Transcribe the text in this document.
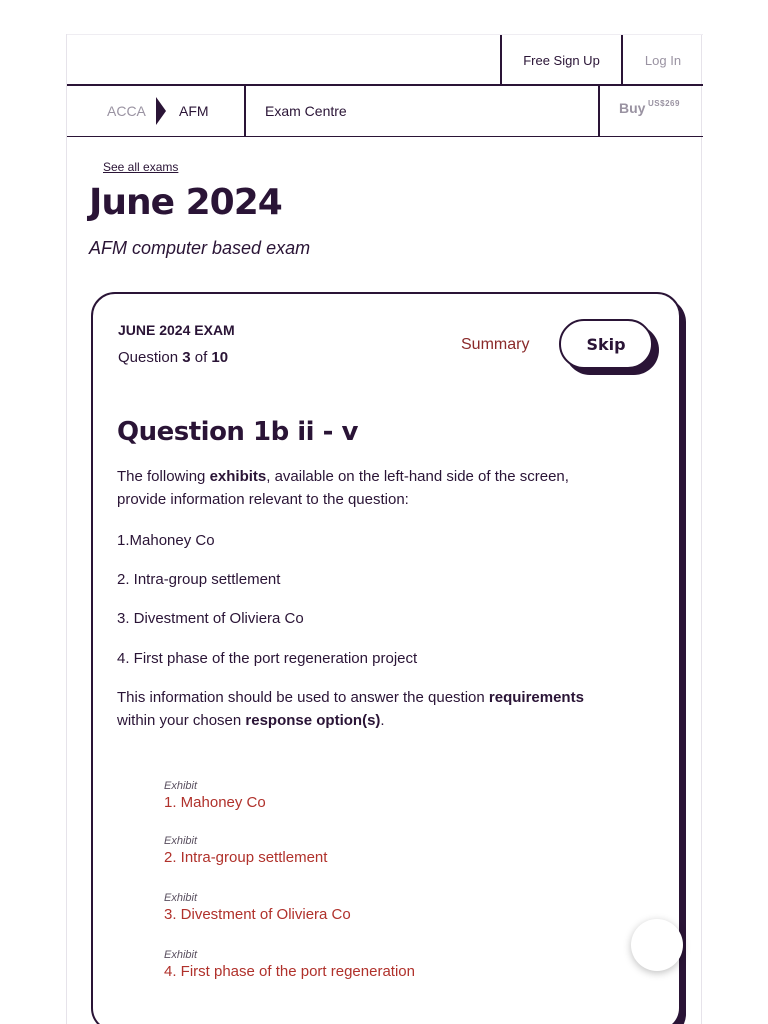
Free Sign Up	Log In
ACCA AFM	Exam Centre	Buy US$269
See all exams
June 2024
AFM computer based exam
JUNE 2024 EXAM
Question 3 of 10
Summary	Skip
Question 1b ii - v

The following exhibits, available on the left-hand side of the screen, provide information relevant to the question:

1.Mahoney Co

2. Intra-group settlement

3. Divestment of Oliviera Co

4. First phase of the port regeneration project

This information should be used to answer the question requirements within your chosen response option(s).

Exhibit
1. Mahoney Co
Exhibit
2. Intra-group settlement
Exhibit
3. Divestment of Oliviera Co
Exhibit
4. First phase of the port regeneration
